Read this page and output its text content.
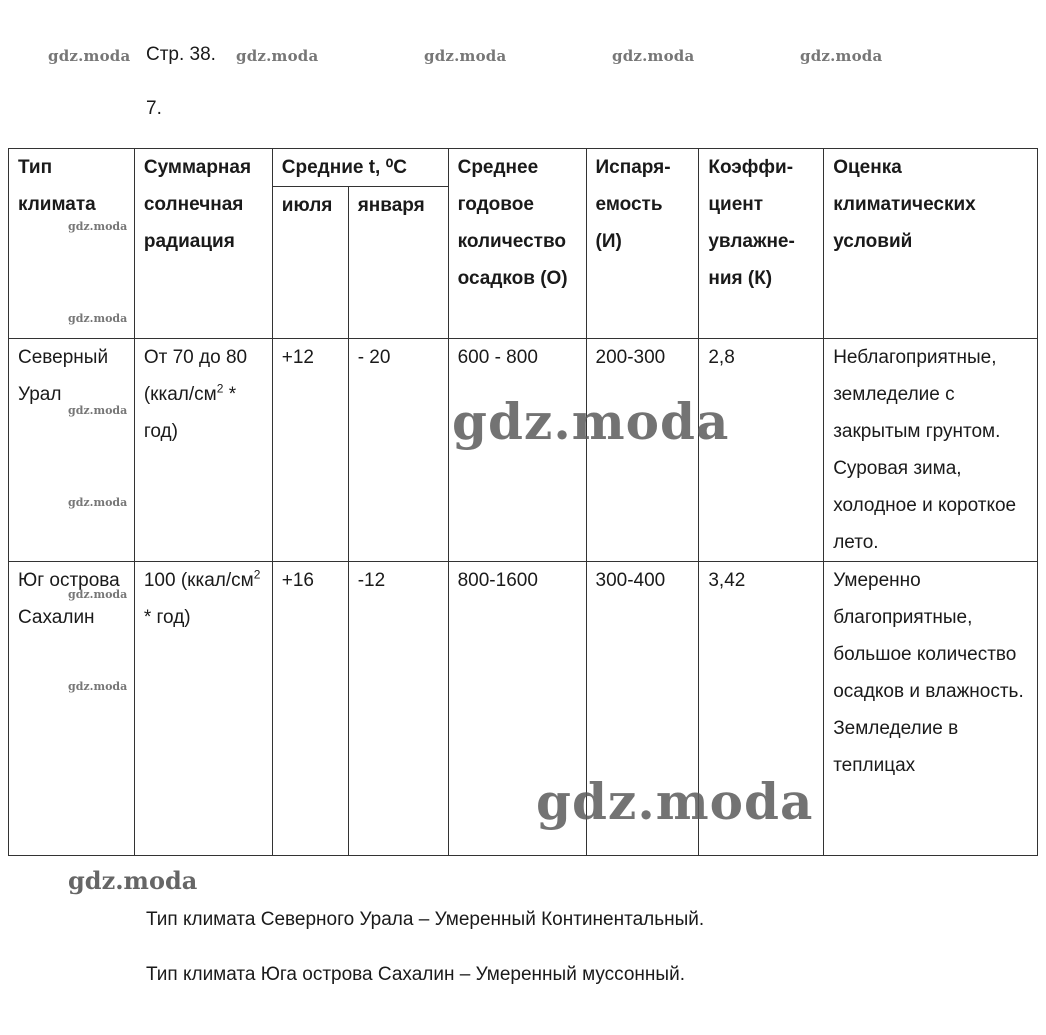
gdz.moda	gdz.moda	gdz.moda	gdz.moda	gdz.moda
Стр. 38.
7.
Тип климата	Суммарная солнечная радиация	Средние t, ⁰С		Среднее годовое количество осадков (О)	Испаря-емость (И)	Коэффи-циент увлажне-ния (К)	Оценка климатических условий
		июля	января				
Северный Урал	От 70 до 80 $(ккал/см^2 * год)$	+12	- 20	600 - 800	200-300	2,8	Неблагоприятные, земледелие с закрытым грунтом. Суровая зима, холодное и короткое лето.
Юг острова Сахалин	100 $(ккал/см^2 * год)$	+16	-12	800-1600	300-400	3,42	Умеренно благоприятные, большое количество осадков и влажность. Земледелие в теплицах
gdz.moda
gdz.moda
gdz.moda
gdz.moda
gdz.moda
gdz.moda
gdz.moda
gdz.moda
gdz.moda
Тип климата Северного Урала – Умеренный Континентальный.
Тип климата Юга острова Сахалин – Умеренный муссонный.
